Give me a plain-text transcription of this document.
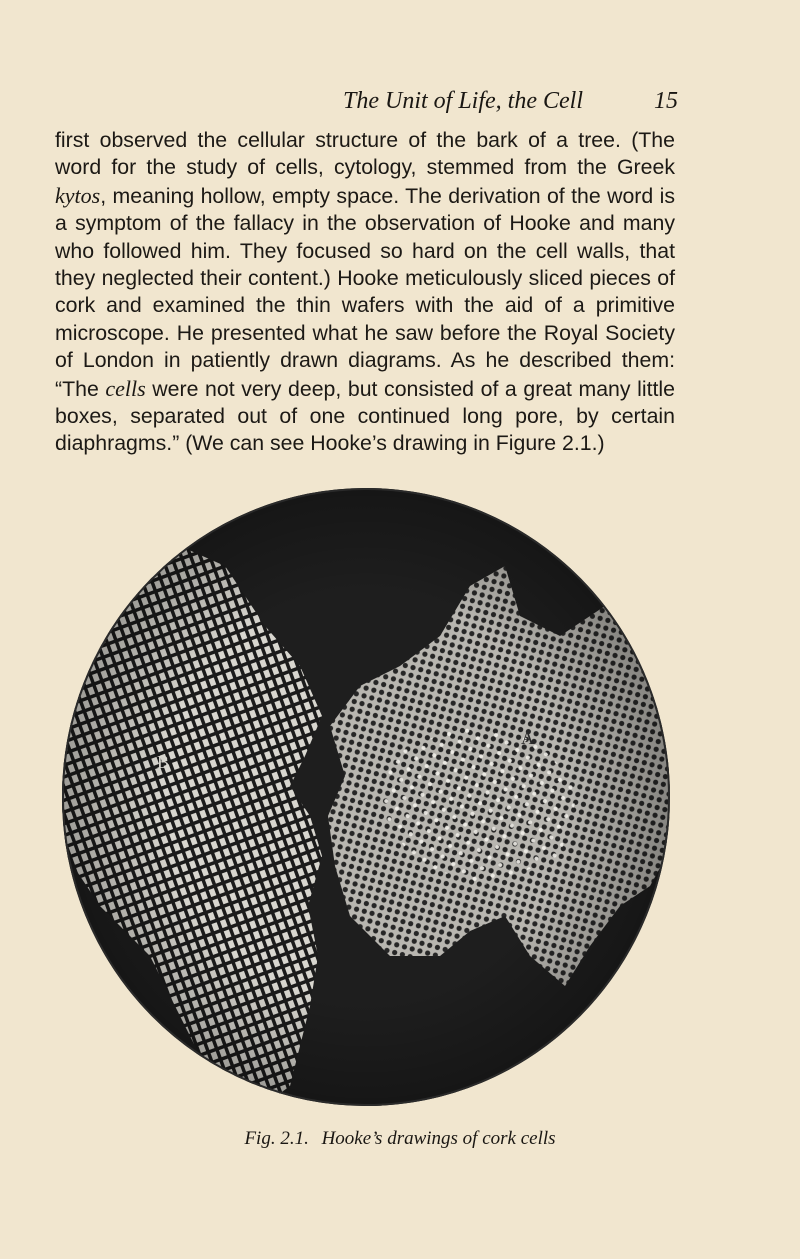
The Unit of Life, the Cell	15

first observed the cellular structure of the bark of a tree. (The word for the study of cells, cytology, stemmed from the Greek kytos, meaning hollow, empty space. The derivation of the word is a symptom of the fallacy in the observation of Hooke and many who followed him. They focused so hard on the cell walls, that they neglected their content.) Hooke meticulously sliced pieces of cork and examined the thin wafers with the aid of a primitive microscope. He presented what he saw before the Royal Society of London in patiently drawn diagrams. As he described them: “The cells were not very deep, but consisted of a great many little boxes, separated out of one continued long pore, by certain diaphragms.” (We can see Hooke’s drawing in Figure 2.1.)

B
A
Fig. 2.1. Hooke’s drawings of cork cells
